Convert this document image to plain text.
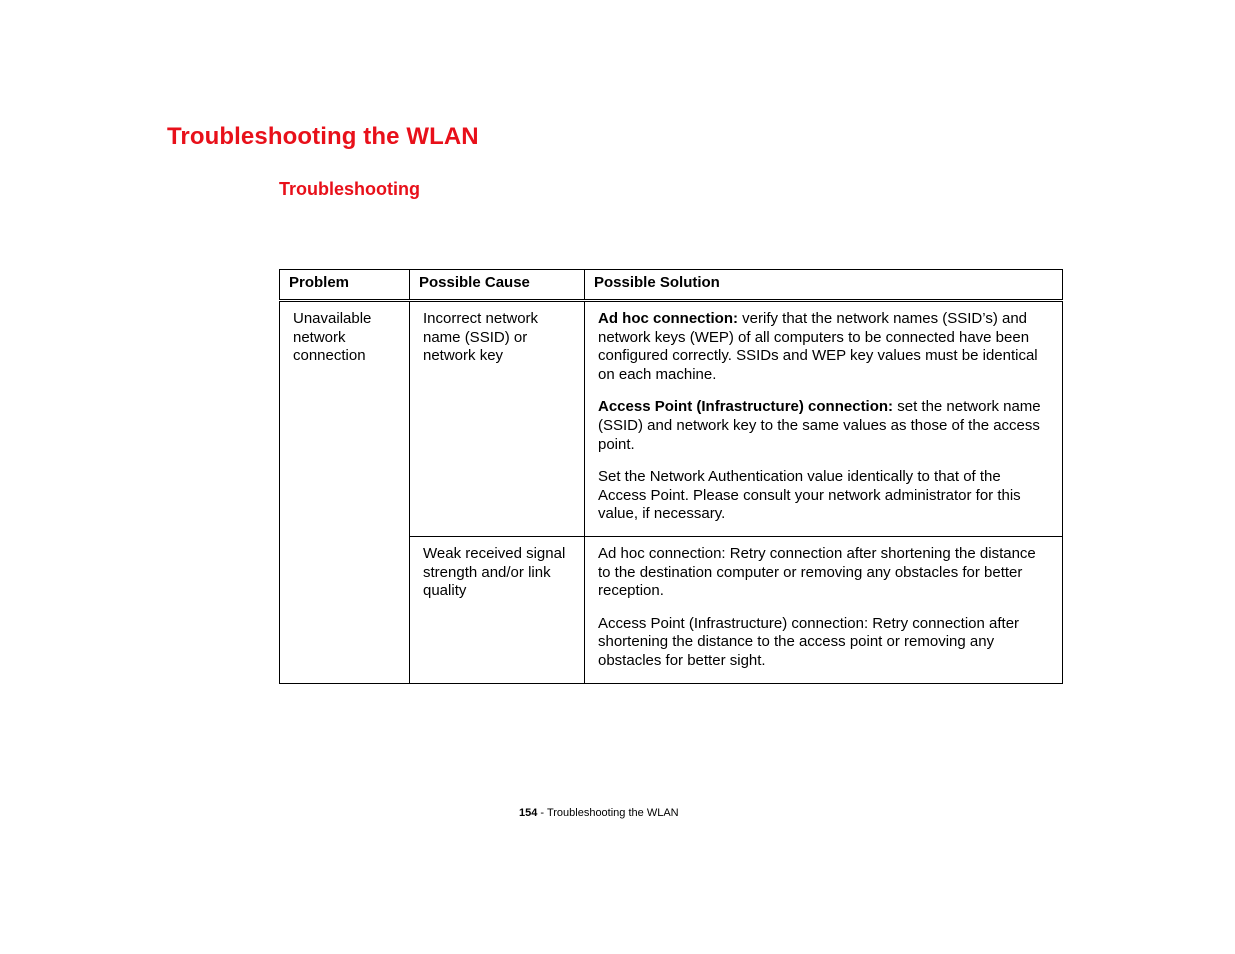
Troubleshooting the WLAN
Troubleshooting
Problem	Possible Cause	Possible Solution
Unavailable network connection	Incorrect network name (SSID) or network key	Ad hoc connection: verify that the network names (SSID’s) and network keys (WEP) of all computers to be connected have been configured correctly. SSIDs and WEP key values must be identical on each machine.

Access Point (Infrastructure) connection: set the network name (SSID) and network key to the same values as those of the access point.

Set the Network Authentication value identically to that of the Access Point. Please consult your network administrator for this value, if necessary.

	Weak received signal strength and/or link quality	Ad hoc connection: Retry connection after shortening the distance to the destination computer or removing any obstacles for better reception.

Access Point (Infrastructure) connection: Retry connection after shortening the distance to the access point or removing any obstacles for better sight.

154 - Troubleshooting the WLAN
